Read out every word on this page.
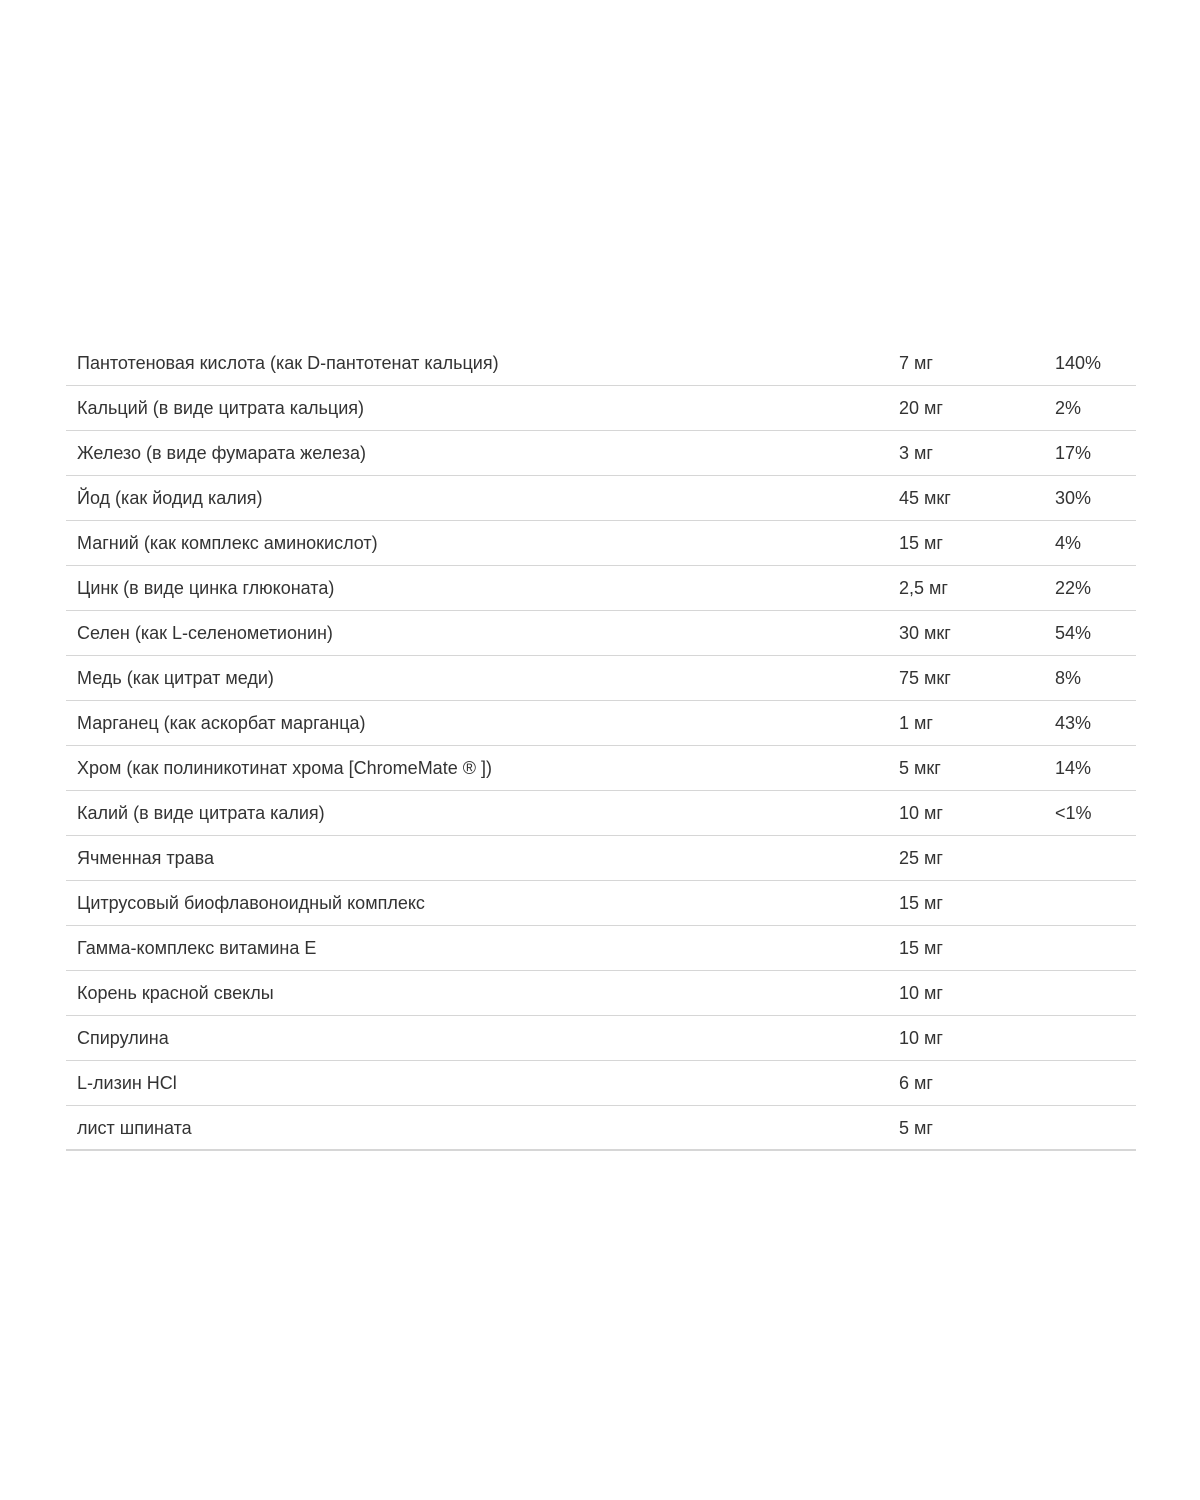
Пантотеновая кислота (как D-пантотенат кальция)	7 мг	140%
Кальций (в виде цитрата кальция)	20 мг	2%
Железо (в виде фумарата железа)	3 мг	17%
Йод (как йодид калия)	45 мкг	30%
Магний (как комплекс аминокислот)	15 мг	4%
Цинк (в виде цинка глюконата)	2,5 мг	22%
Селен (как L-селенометионин)	30 мкг	54%
Медь (как цитрат меди)	75 мкг	8%
Марганец (как аскорбат марганца)	1 мг	43%
Хром (как полиникотинат хрома [ChromeMate ® ])	5 мкг	14%
Калий (в виде цитрата калия)	10 мг	<1%
Ячменная трава	25 мг
Цитрусовый биофлавоноидный комплекс	15 мг
Гамма-комплекс витамина Е	15 мг
Корень красной свеклы	10 мг
Спирулина	10 мг
L-лизин HCl	6 мг
лист шпината	5 мг
